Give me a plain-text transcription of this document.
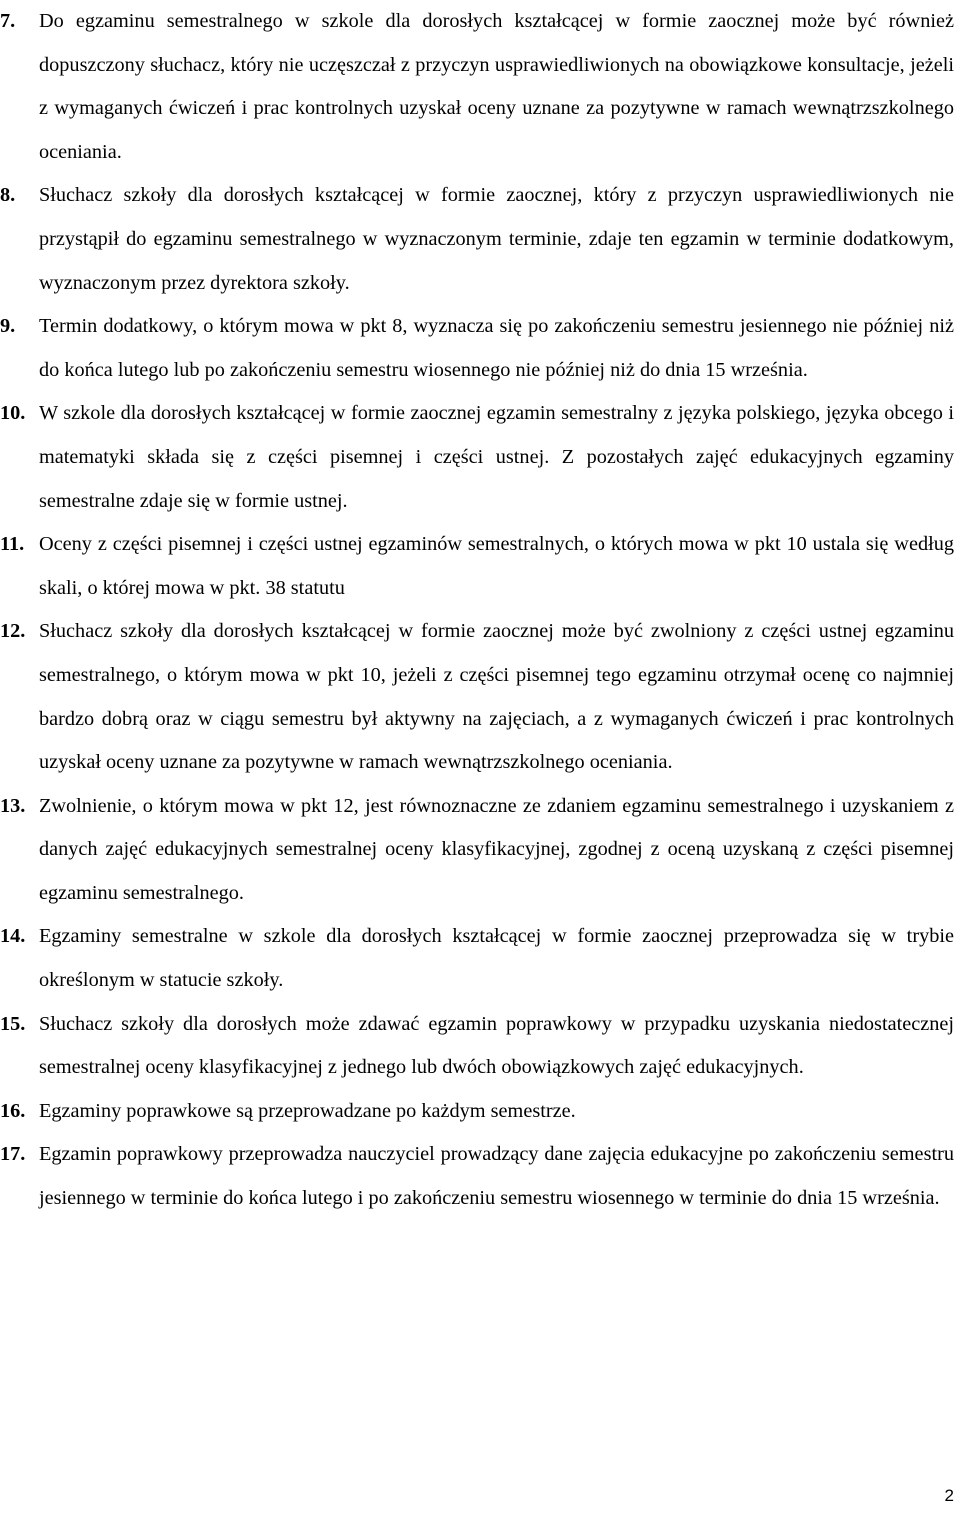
7. Do egzaminu semestralnego w szkole dla dorosłych kształcącej w formie zaocznej może być również dopuszczony słuchacz, który nie uczęszczał z przyczyn usprawiedliwionych na obowiązkowe konsultacje, jeżeli z wymaganych ćwiczeń i prac kontrolnych uzyskał oceny uznane za pozytywne w ramach wewnątrzszkolnego oceniania.
8. Słuchacz szkoły dla dorosłych kształcącej w formie zaocznej, który z przyczyn usprawiedliwionych nie przystąpił do egzaminu semestralnego w wyznaczonym terminie, zdaje ten egzamin w terminie dodatkowym, wyznaczonym przez dyrektora szkoły.
9. Termin dodatkowy, o którym mowa w pkt 8, wyznacza się po zakończeniu semestru jesiennego nie później niż do końca lutego lub po zakończeniu semestru wiosennego nie później niż do dnia 15 września.
10. W szkole dla dorosłych kształcącej w formie zaocznej egzamin semestralny z języka polskiego, języka obcego i matematyki składa się z części pisemnej i części ustnej. Z pozostałych zajęć edukacyjnych egzaminy semestralne zdaje się w formie ustnej.
11. Oceny z części pisemnej i części ustnej egzaminów semestralnych, o których mowa w pkt 10 ustala się według skali, o której mowa w pkt. 38 statutu
12. Słuchacz szkoły dla dorosłych kształcącej w formie zaocznej może być zwolniony z części ustnej egzaminu semestralnego, o którym mowa w pkt 10, jeżeli z części pisemnej tego egzaminu otrzymał ocenę co najmniej bardzo dobrą oraz w ciągu semestru był aktywny na zajęciach, a z wymaganych ćwiczeń i prac kontrolnych uzyskał oceny uznane za pozytywne w ramach wewnątrzszkolnego oceniania.
13. Zwolnienie, o którym mowa w pkt 12, jest równoznaczne ze zdaniem egzaminu semestralnego i uzyskaniem z danych zajęć edukacyjnych semestralnej oceny klasyfikacyjnej, zgodnej z oceną uzyskaną z części pisemnej egzaminu semestralnego.
14. Egzaminy semestralne w szkole dla dorosłych kształcącej w formie zaocznej przeprowadza się w trybie określonym w statucie szkoły.
15. Słuchacz szkoły dla dorosłych może zdawać egzamin poprawkowy w przypadku uzyskania niedostatecznej semestralnej oceny klasyfikacyjnej z jednego lub dwóch obowiązkowych zajęć edukacyjnych.
16. Egzaminy poprawkowe są przeprowadzane po każdym semestrze.
17. Egzamin poprawkowy przeprowadza nauczyciel prowadzący dane zajęcia edukacyjne po zakończeniu semestru jesiennego w terminie do końca lutego i po zakończeniu semestru wiosennego w terminie do dnia 15 września.
2
